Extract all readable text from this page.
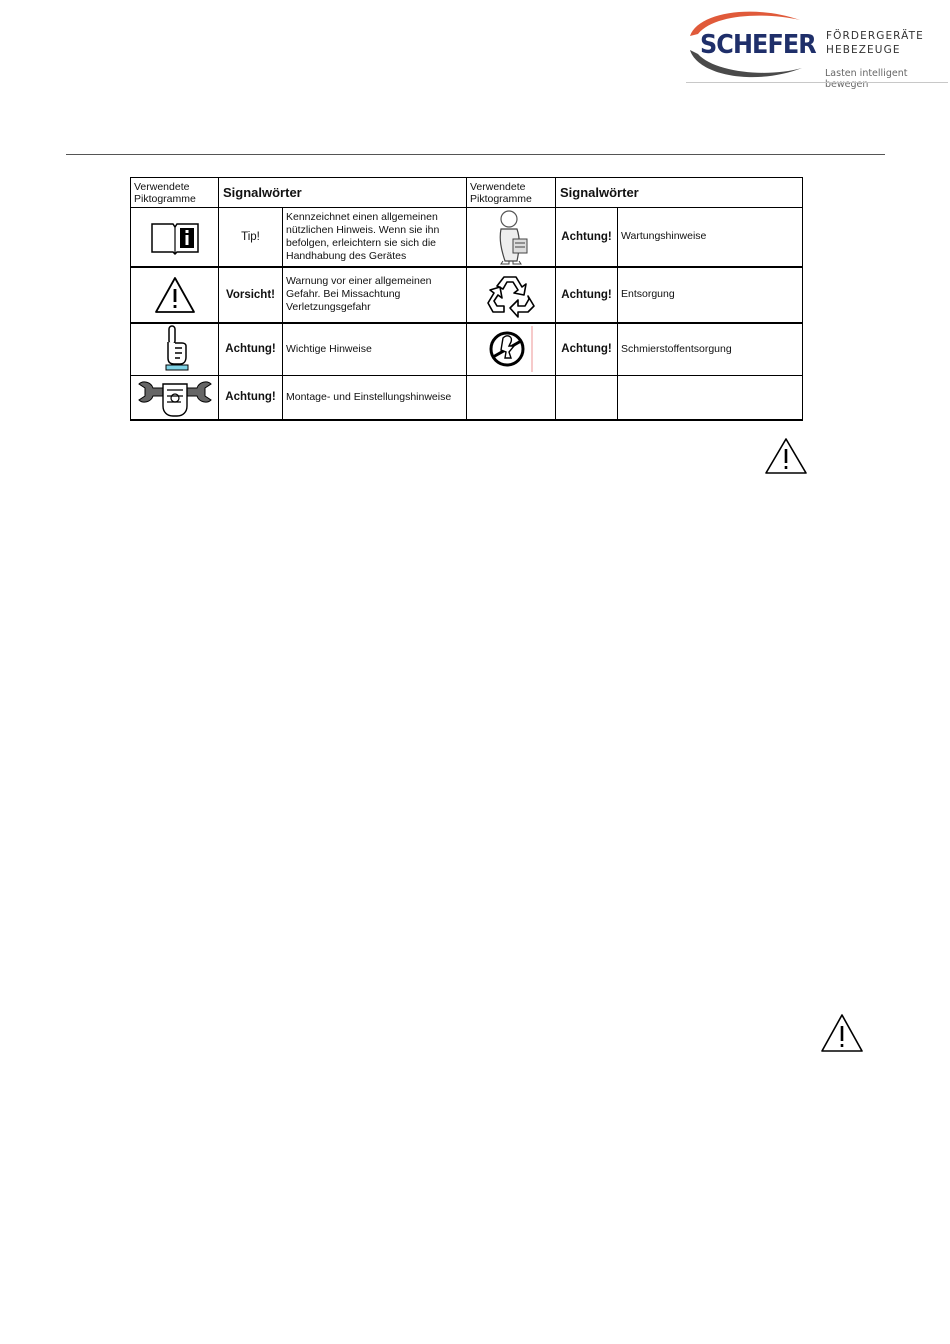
SCHEFER FÖRDERGERÄTE
HEBEZEUGE
Lasten intelligent bewegen
Verwendete Piktogramme	Signalwörter		Verwendete Piktogramme	Signalwörter	

	Tip!	Kennzeichnet einen allgemeinen nützlichen Hinweis. Wenn sie ihn befolgen, erleichtern sie sich die Handhabung des Gerätes		Achtung!	Wartungshinweise

	Vorsicht!	Warnung vor einer allgemeinen Gefahr. Bei Missachtung Verletzungsgefahr		Achtung!	Entsorgung

	Achtung!	Wichtige Hinweise		Achtung!	Schmierstoffentsorgung

	Achtung!	Montage- und Einstellungshinweise			
